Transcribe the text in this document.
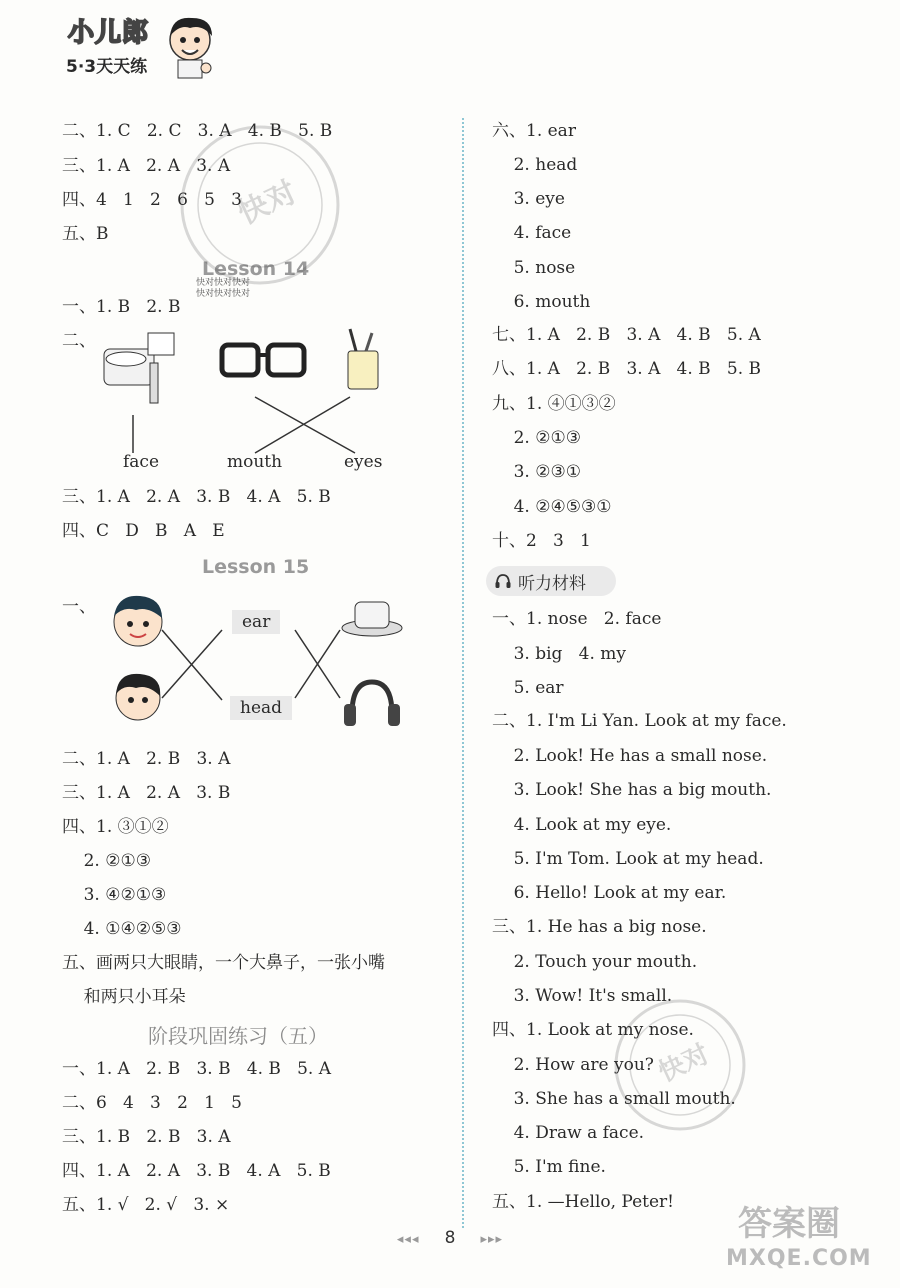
小儿郎
5·3天天练
二、1. C   2. C   3. A   4. B   5. B
三、1. A   2. A   3. A
四、4   1   2   6   5   3
五、B
Lesson 14
快对快对快对
快对快对快对
一、1. B   2. B
二、
face	mouth	eyes
三、1. A   2. A   3. B   4. A   5. B
四、C   D   B   A   E
Lesson 15
一、
ear
head
二、1. A   2. B   3. A
三、1. A   2. A   3. B
四、1. ③①②
2. ②①③
3. ④②①③
4. ①④②⑤③
五、画两只大眼睛，一个大鼻子，一张小嘴
和两只小耳朵
阶段巩固练习（五）
一、1. A   2. B   3. B   4. B   5. A
二、6   4   3   2   1   5
三、1. B   2. B   3. A
四、1. A   2. A   3. B   4. A   5. B
五、1. √   2. √   3. ×
六、1. ear
2. head
3. eye
4. face
5. nose
6. mouth
七、1. A   2. B   3. A   4. B   5. A
八、1. A   2. B   3. A   4. B   5. B
九、1. ④①③②
2. ②①③
3. ②③①
4. ②④⑤③①
十、2   3   1
听力材料
一、1. nose   2. face
3. big   4. my
5. ear
二、1. I'm Li Yan. Look at my face.
2. Look! He has a small nose.
3. Look! She has a big mouth.
4. Look at my eye.
5. I'm Tom. Look at my head.
6. Hello! Look at my ear.
三、1. He has a big nose.
2. Touch your mouth.
3. Wow! It's small.
四、1. Look at my nose.
2. How are you?
3. She has a small mouth.
4. Draw a face.
5. I'm fine.
五、1. —Hello, Peter!
快对
快对
◂◂◂ 8 ▸▸▸	答案圈
MXQE.COM
